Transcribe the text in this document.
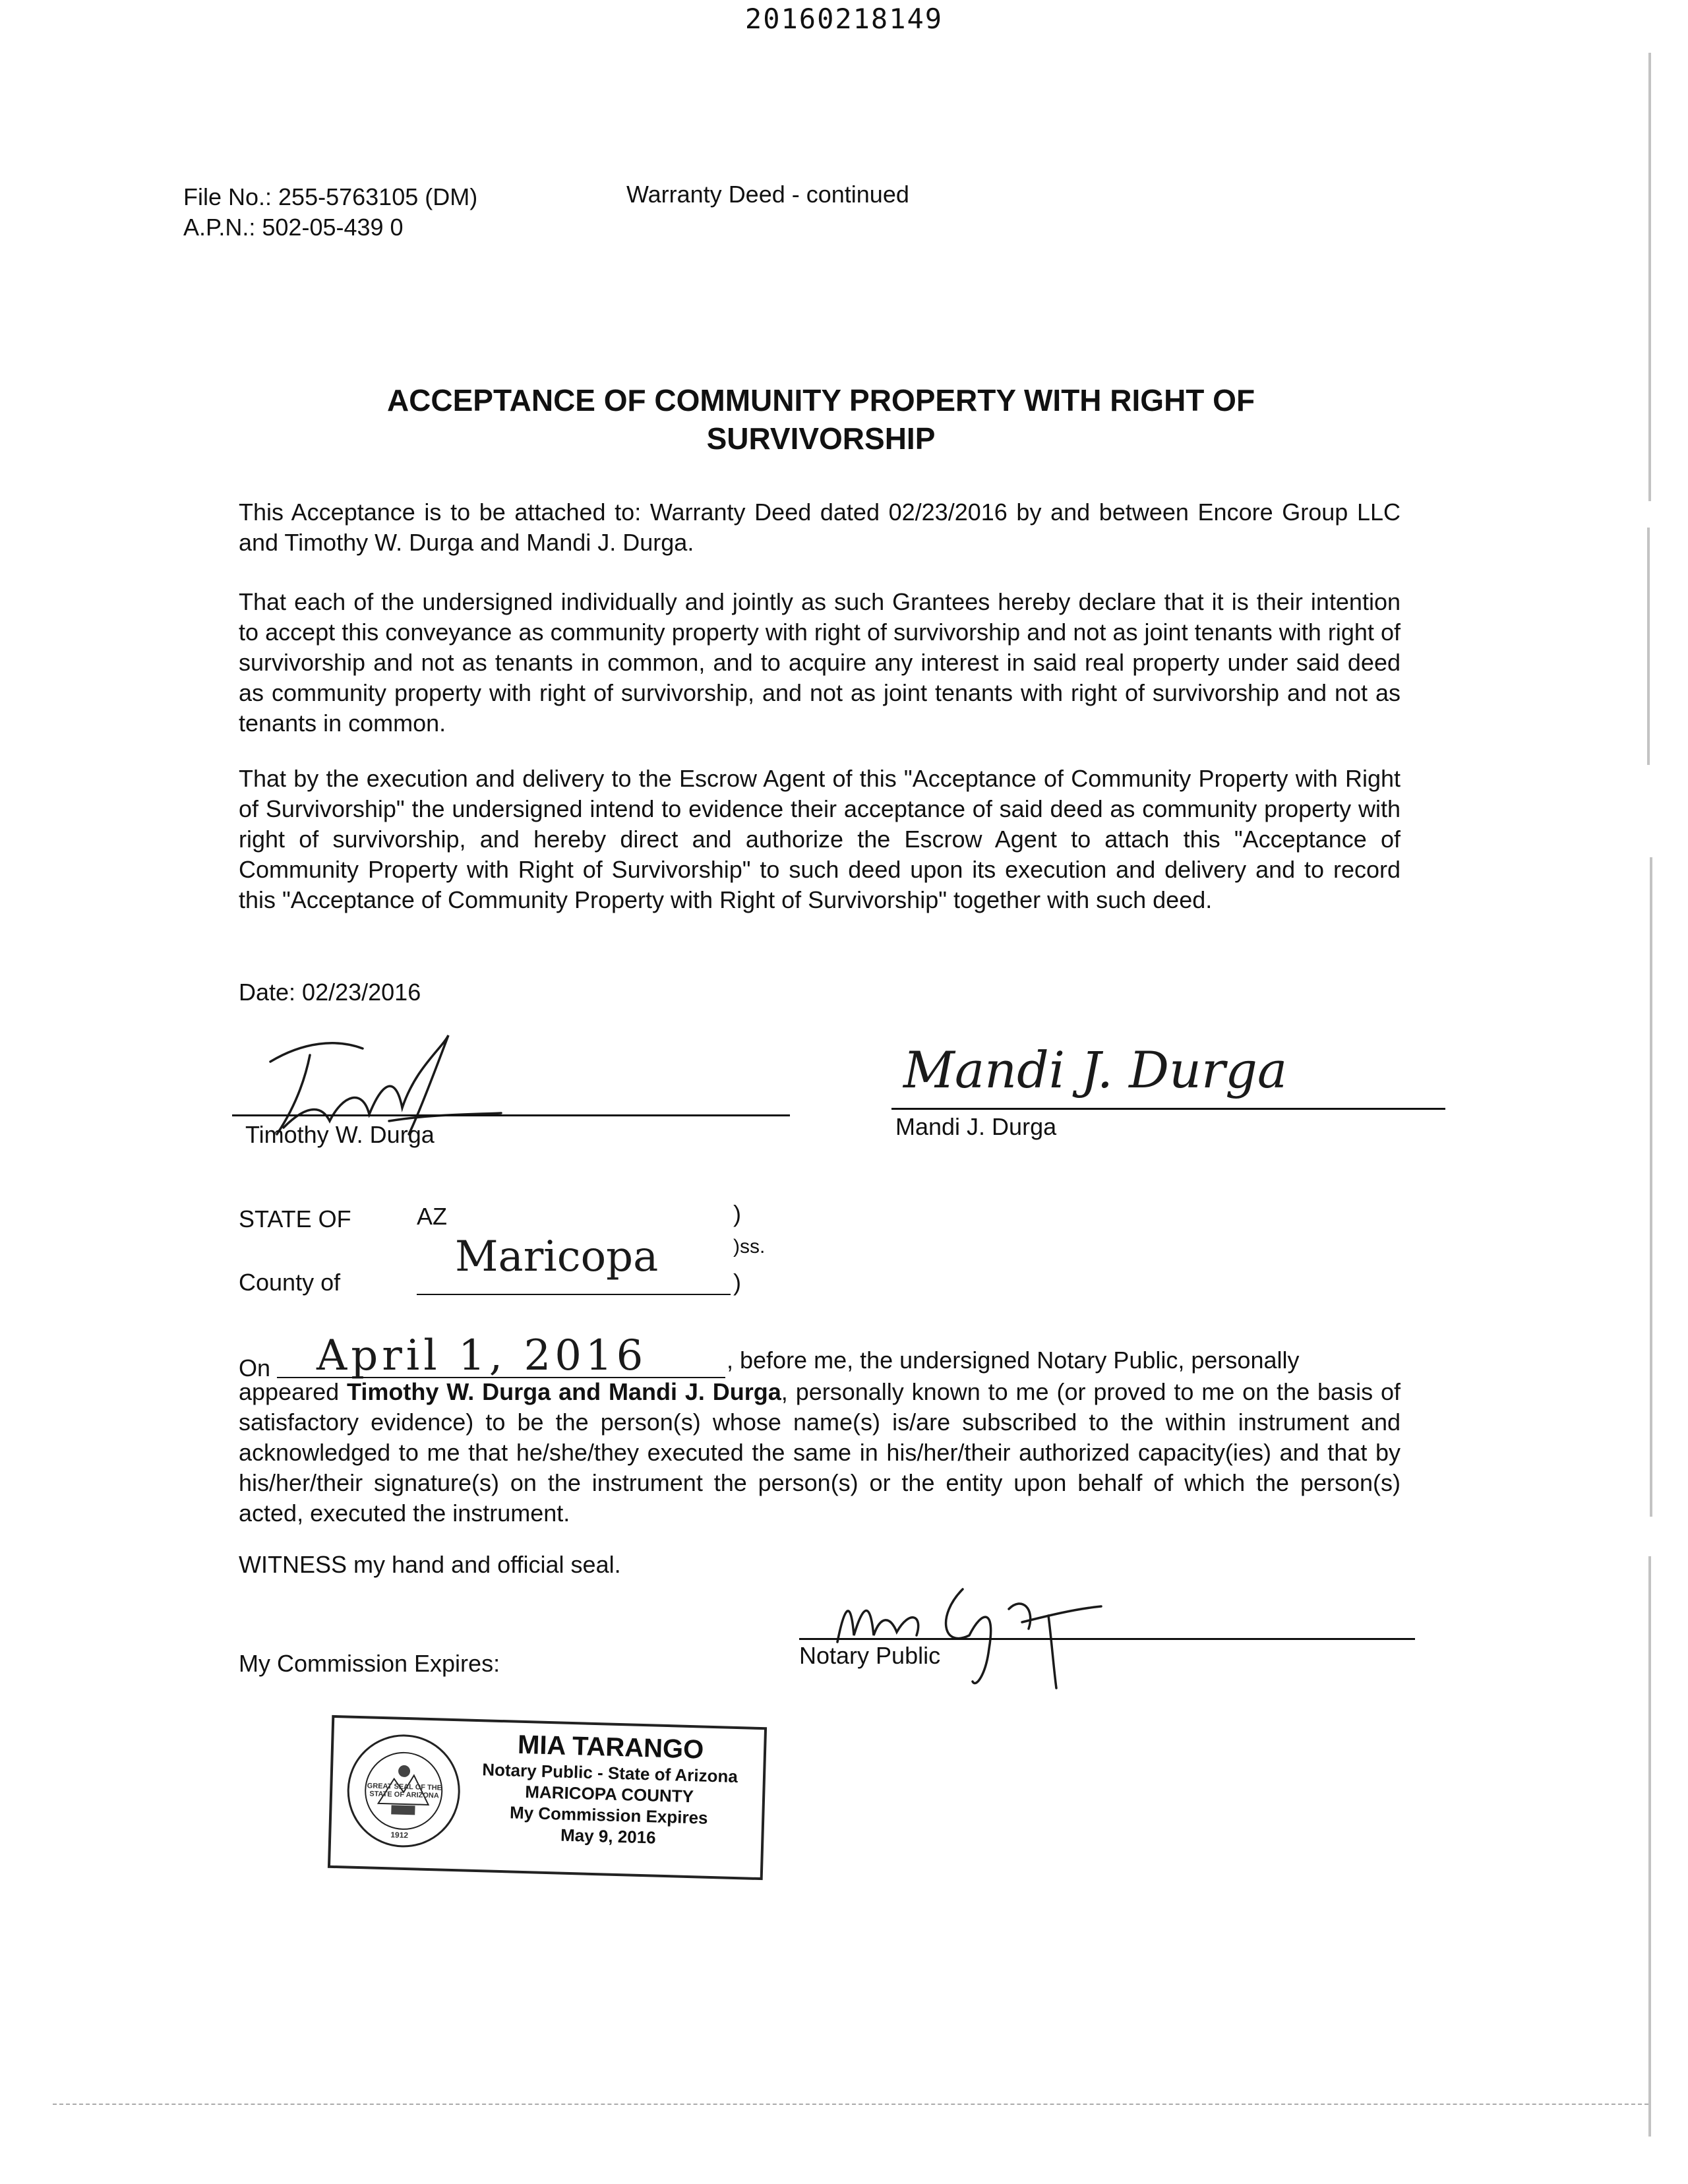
20160218149
File No.: 255-5763105 (DM)
A.P.N.: 502-05-439 0
Warranty Deed - continued
ACCEPTANCE OF COMMUNITY PROPERTY WITH RIGHT OF
SURVIVORSHIP
This Acceptance is to be attached to: Warranty Deed dated 02/23/2016 by and between Encore Group LLC and Timothy W. Durga and Mandi J. Durga.
That each of the undersigned individually and jointly as such Grantees hereby declare that it is their intention to accept this conveyance as community property with right of survivorship and not as joint tenants with right of survivorship and not as tenants in common, and to acquire any interest in said real property under said deed as community property with right of survivorship, and not as joint tenants with right of survivorship and not as tenants in common.
That by the execution and delivery to the Escrow Agent of this "Acceptance of Community Property with Right of Survivorship" the undersigned intend to evidence their acceptance of said deed as community property with right of survivorship, and hereby direct and authorize the Escrow Agent to attach this "Acceptance of Community Property with Right of Survivorship" to such deed upon its execution and delivery and to record this "Acceptance of Community Property with Right of Survivorship" together with such deed.
Date: 02/23/2016
Timothy W. Durga
Mandi J. Durga
Mandi J. Durga
STATE OF	AZ	)
)ss.
County of
Maricopa
)
On April 1, 2016	, before me, the undersigned Notary Public, personally
appeared Timothy W. Durga and Mandi J. Durga, personally known to me (or proved to me on the basis of satisfactory evidence) to be the person(s) whose name(s) is/are subscribed to the within instrument and acknowledged to me that he/she/they executed the same in his/her/their authorized capacity(ies) and that by his/her/their signature(s) on the instrument the person(s) or the entity upon behalf of which the person(s) acted, executed the instrument.
WITNESS my hand and official seal.
Notary Public
My Commission Expires:
GREAT SEAL OF THE STATE OF ARIZONA
1912
MIA TARANGO
Notary Public - State of Arizona
MARICOPA COUNTY
My Commission Expires
May 9, 2016
